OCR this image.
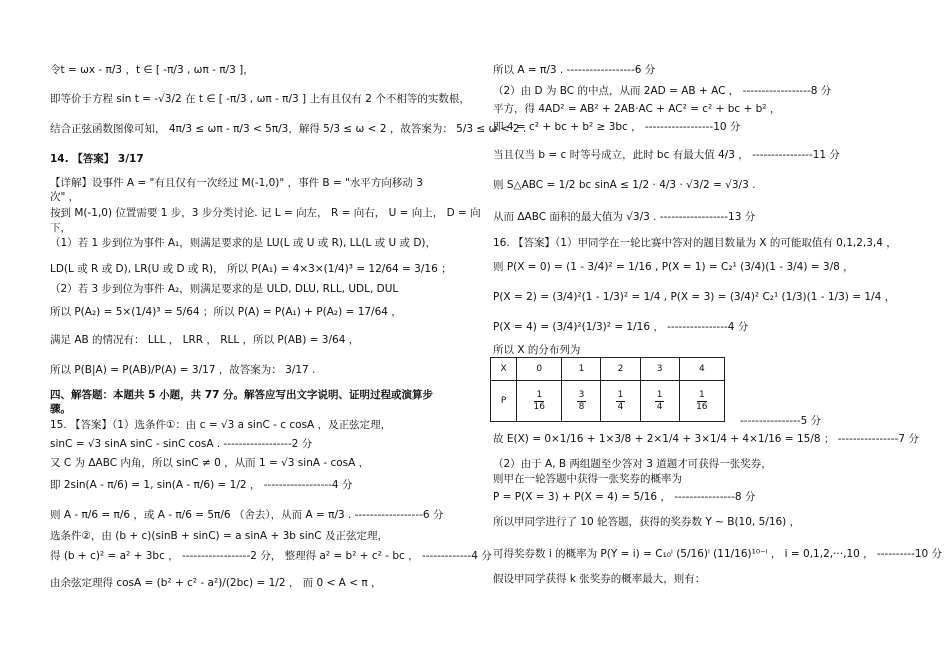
令t = ωx - π/3 ，t ∈ [ -π/3 , ωπ - π/3 ]，
即等价于方程 sin t = -√3/2 在 t ∈ [ -π/3 , ωπ - π/3 ] 上有且仅有 2 个不相等的实数根，
结合正弦函数图像可知， 4π/3 ≤ ωπ - π/3 < 5π/3，解得 5/3 ≤ ω < 2 ，故答案为： 5/3 ≤ ω < 2 .
14. 【答案】 3/17
【详解】设事件 A = "有且仅有一次经过 M(-1,0)" ，事件 B = "水平方向移动 3
次" ，
按到 M(-1,0) 位置需要 1 步，3 步分类讨论. 记 L = 向左， R = 向右， U = 向上， D = 向
下，
（1）若 1 步到位为事件 A₁，则满足要求的是 LU(L 或 U 或 R), LL(L 或 U 或 D)，
LD(L 或 R 或 D), LR(U 或 D 或 R)， 所以 P(A₁) = 4×3×(1/4)³ = 12/64 = 3/16 ；
（2）若 3 步到位为事件 A₂，则满足要求的是 ULD, DLU, RLL, UDL, DUL
所以 P(A₂) = 5×(1/4)³ = 5/64 ；所以 P(A) = P(A₁) + P(A₂) = 17/64 ，
满足 AB 的情况有： LLL ， LRR ， RLL ，所以 P(AB) = 3/64 ，
所以 P(B|A) = P(AB)/P(A) = 3/17 ，故答案为： 3/17 .
四、解答题：本题共 5 小题，共 77 分。解答应写出文字说明、证明过程或演算步
骤。
15. 【答案】（1）选条件①：由 c = √3 a sinC - c cosA ，及正弦定理，
sinC = √3 sinA sinC - sinC cosA . ------------------2 分
又 C 为 ΔABC 内角，所以 sinC ≠ 0 ，从而 1 = √3 sinA - cosA ，
即 2sin(A - π/6) = 1, sin(A - π/6) = 1/2 ， ------------------4 分
则 A - π/6 = π/6 ，或 A - π/6 = 5π/6 （舍去），从而 A = π/3 . ------------------6 分
选条件②，由 (b + c)(sinB + sinC) = a sinA + 3b sinC 及正弦定理，
得 (b + c)² = a² + 3bc ， ------------------2 分， 整理得 a² = b² + c² - bc ， -------------4 分
由余弦定理得 cosA = (b² + c² - a²)/(2bc) = 1/2 ， 而 0 < A < π ，
所以 A = π/3 . ------------------6 分
（2）由 D 为 BC 的中点，从而 2AD = AB + AC ， ------------------8 分
平方，得 4AD² = AB² + 2AB·AC + AC² = c² + bc + b² ，
即 4 = c² + bc + b² ≥ 3bc ， ------------------10 分
当且仅当 b = c 时等号成立，此时 bc 有最大值 4/3 ， ----------------11 分
则 S△ABC = 1/2 bc sinA ≤ 1/2 · 4/3 · √3/2 = √3/3 .
从而 ΔABC 面积的最大值为 √3/3 . ------------------13 分
16. 【答案】（1）甲同学在一轮比赛中答对的题目数量为 X 的可能取值有 0,1,2,3,4 ，
则 P(X = 0) = (1 - 3/4)² = 1/16 , P(X = 1) = C₂¹ (3/4)(1 - 3/4) = 3/8 ，
P(X = 2) = (3/4)²(1 - 1/3)² = 1/4 , P(X = 3) = (3/4)² C₂¹ (1/3)(1 - 1/3) = 1/4 ，
P(X = 4) = (3/4)²(1/3)² = 1/16 ， ----------------4 分
所以 X 的分布列为
X	0	1	2	3	4
P	$\frac{1}{16}$	$\frac{3}{8}$	$\frac{1}{4}$	$\frac{1}{4}$	$\frac{1}{16}$
----------------5 分
故 E(X) = 0×1/16 + 1×3/8 + 2×1/4 + 3×1/4 + 4×1/16 = 15/8 ； ----------------7 分
（2）由于 A, B 两组题至少答对 3 道题才可获得一张奖券，
则甲在一轮答题中获得一张奖券的概率为
P = P(X = 3) + P(X = 4) = 5/16 ， ----------------8 分
所以甲同学进行了 10 轮答题，获得的奖券数 Y ~ B(10, 5/16) ，
可得奖券数 i 的概率为 P(Y = i) = C₁₀ⁱ (5/16)ⁱ (11/16)¹⁰⁻ⁱ ， i = 0,1,2,···,10 ， ----------10 分
假设甲同学获得 k 张奖券的概率最大，则有：
